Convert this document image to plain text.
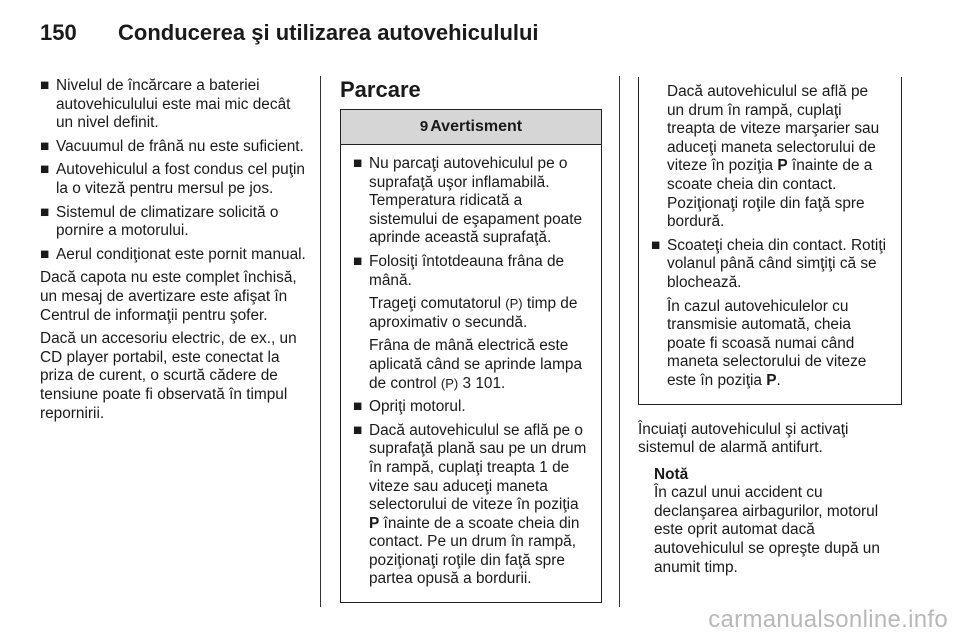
150	Conducerea şi utilizarea autovehiculului
■ Nivelul de încărcare a bateriei autovehiculului este mai mic decât un nivel definit.
■ Vacuumul de frână nu este suficient.
■ Autovehiculul a fost condus cel puţin la o viteză pentru mersul pe jos.
■ Sistemul de climatizare solicită o pornire a motorului.
■ Aerul condiţionat este pornit manual.

Dacă capota nu este complet închisă, un mesaj de avertizare este afişat în Centrul de informaţii pentru şofer.

Dacă un accesoriu electric, de ex., un CD player portabil, este conectat la priza de curent, o scurtă cădere de tensiune poate fi observată în timpul repornirii.

Parcare
9 Avertisment
■ Nu parcaţi autovehiculul pe o suprafaţă uşor inflamabilă. Temperatura ridicată a sistemului de eşapament poate aprinde această suprafaţă.
■ Folosiţi întotdeauna frâna de mână.

Trageţi comutatorul (P) timp de aproximativ o secundă.

Frâna de mână electrică este aplicată când se aprinde lampa de control (P) 3 101.

■ Opriţi motorul.
■ Dacă autovehiculul se află pe o suprafaţă plană sau pe un drum în rampă, cuplaţi treapta 1 de viteze sau aduceţi maneta selectorului de viteze în poziţia P înainte de a scoate cheia din contact. Pe un drum în rampă, poziţionaţi roţile din faţă spre partea opusă a bordurii.

Dacă autovehiculul se află pe un drum în rampă, cuplaţi treapta de viteze marşarier sau aduceţi maneta selectorului de viteze în poziţia P înainte de a scoate cheia din contact. Poziţionaţi roţile din faţă spre bordură.

■ Scoateţi cheia din contact. Rotiţi volanul până când simţiţi că se blochează.

În cazul autovehiculelor cu transmisie automată, cheia poate fi scoasă numai când maneta selectorului de viteze este în poziţia P.

Încuiaţi autovehiculul şi activaţi sistemul de alarmă antifurt.

Notă
În cazul unui accident cu declanşarea airbagurilor, motorul este oprit automat dacă autovehiculul se opreşte după un anumit timp.
carmanualsonline.info
